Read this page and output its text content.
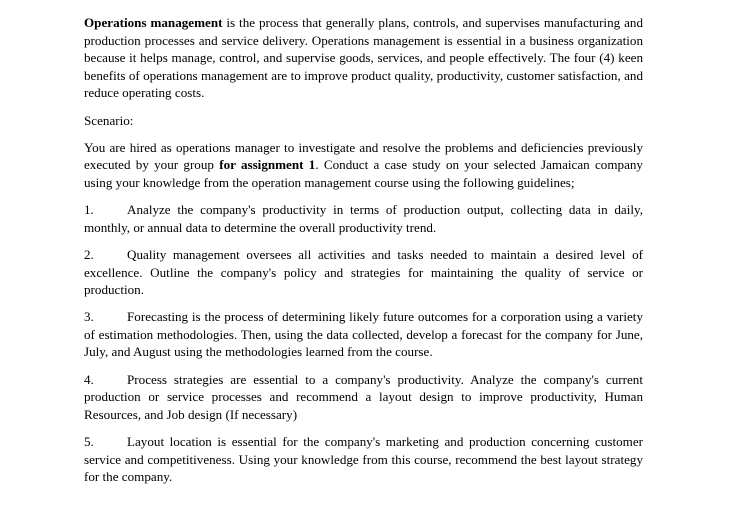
Operations management is the process that generally plans, controls, and supervises manufacturing and production processes and service delivery. Operations management is essential in a business organization because it helps manage, control, and supervise goods, services, and people effectively. The four (4) keen benefits of operations management are to improve product quality, productivity, customer satisfaction, and reduce operating costs.

Scenario:

You are hired as operations manager to investigate and resolve the problems and deficiencies previously executed by your group for assignment 1. Conduct a case study on your selected Jamaican company using your knowledge from the operation management course using the following guidelines;

1.	Analyze the company's productivity in terms of production output, collecting data in daily, monthly, or annual data to determine the overall productivity trend.

2.	Quality management oversees all activities and tasks needed to maintain a desired level of excellence. Outline the company's policy and strategies for maintaining the quality of service or production.

3.	Forecasting is the process of determining likely future outcomes for a corporation using a variety of estimation methodologies. Then, using the data collected, develop a forecast for the company for June, July, and August using the methodologies learned from the course.

4.	Process strategies are essential to a company's productivity. Analyze the company's current production or service processes and recommend a layout design to improve productivity, Human Resources, and Job design (If necessary)

5.	Layout location is essential for the company's marketing and production concerning customer service and competitiveness. Using your knowledge from this course, recommend the best layout strategy for the company.
